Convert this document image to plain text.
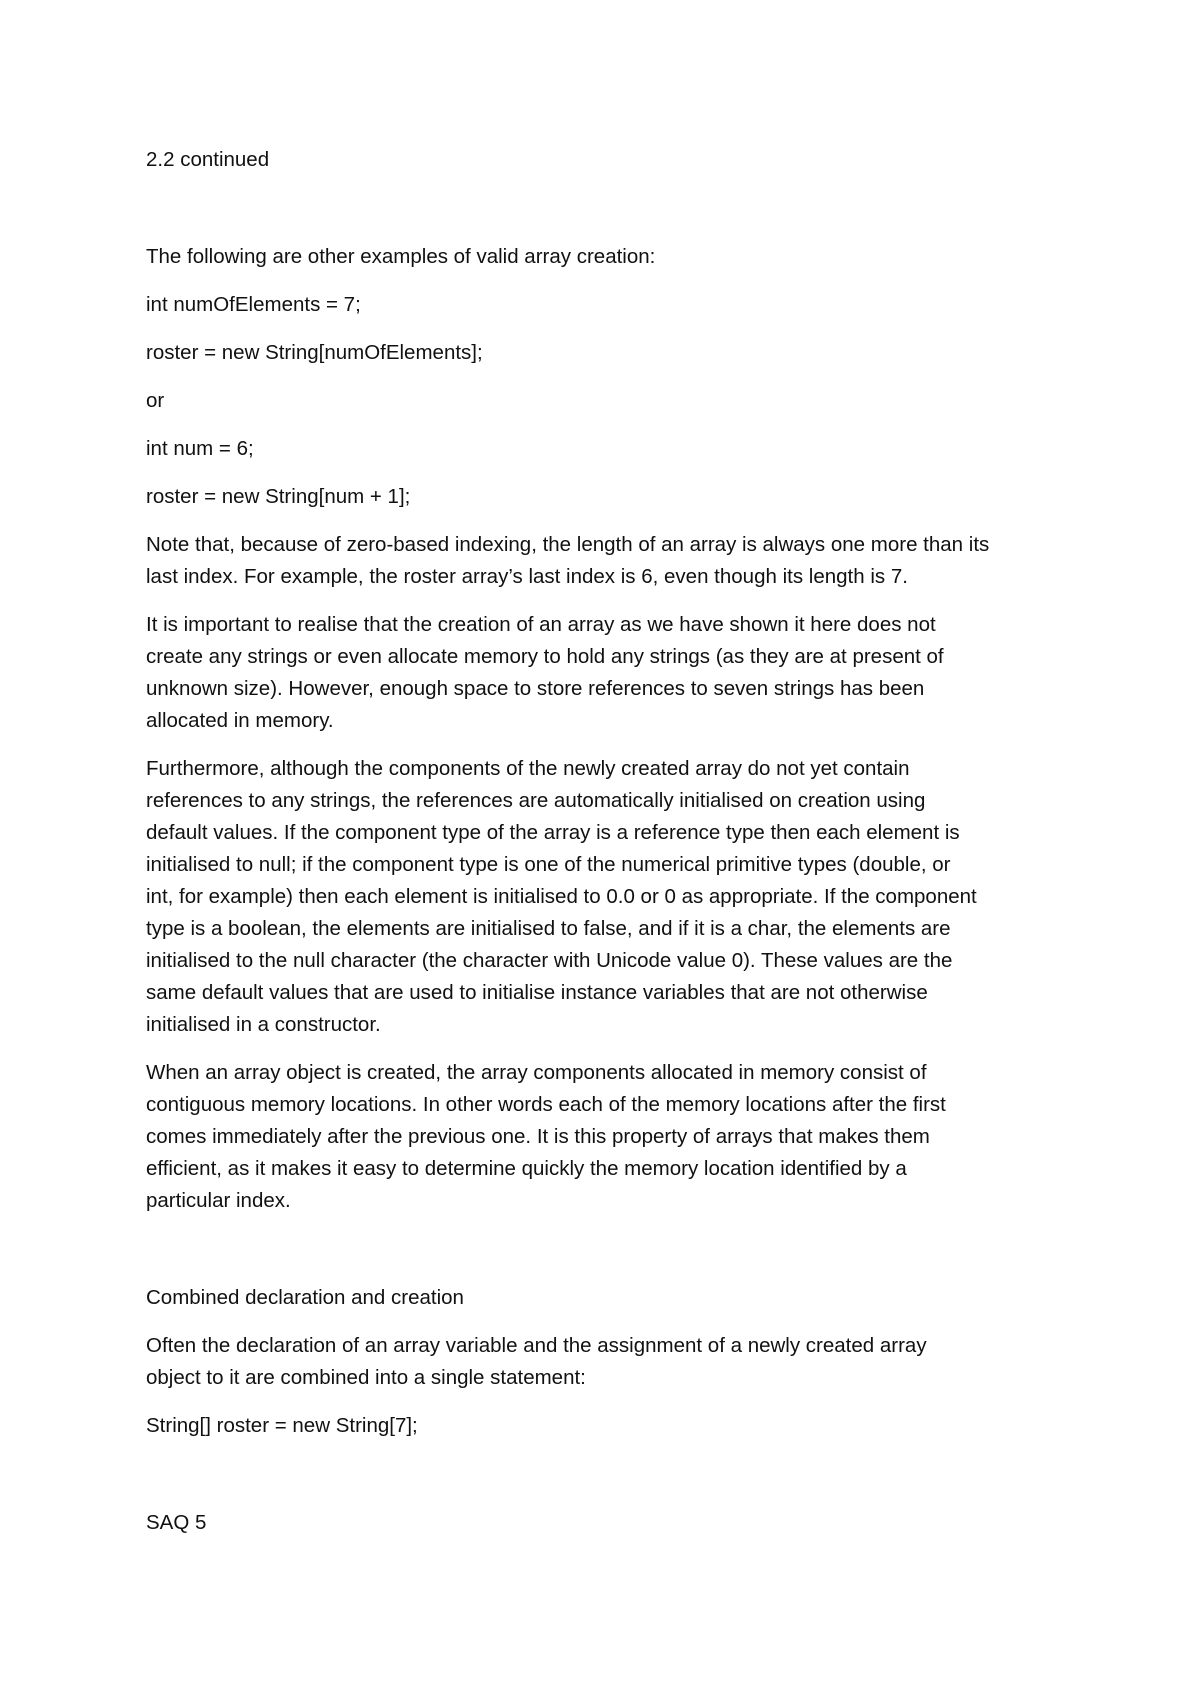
2.2 continued

The following are other examples of valid array creation:

int numOfElements = 7;

roster = new String[numOfElements];

or

int num = 6;

roster = new String[num + 1];

Note that, because of zero-based indexing, the length of an array is always one more than its
last index. For example, the roster array’s last index is 6, even though its length is 7.

It is important to realise that the creation of an array as we have shown it here does not
create any strings or even allocate memory to hold any strings (as they are at present of
unknown size). However, enough space to store references to seven strings has been
allocated in memory.

Furthermore, although the components of the newly created array do not yet contain
references to any strings, the references are automatically initialised on creation using
default values. If the component type of the array is a reference type then each element is
initialised to null; if the component type is one of the numerical primitive types (double, or
int, for example) then each element is initialised to 0.0 or 0 as appropriate. If the component
type is a boolean, the elements are initialised to false, and if it is a char, the elements are
initialised to the null character (the character with Unicode value 0). These values are the
same default values that are used to initialise instance variables that are not otherwise
initialised in a constructor.

When an array object is created, the array components allocated in memory consist of
contiguous memory locations. In other words each of the memory locations after the first
comes immediately after the previous one. It is this property of arrays that makes them
efficient, as it makes it easy to determine quickly the memory location identified by a
particular index.

Combined declaration and creation

Often the declaration of an array variable and the assignment of a newly created array
object to it are combined into a single statement:

String[] roster = new String[7];

SAQ 5
